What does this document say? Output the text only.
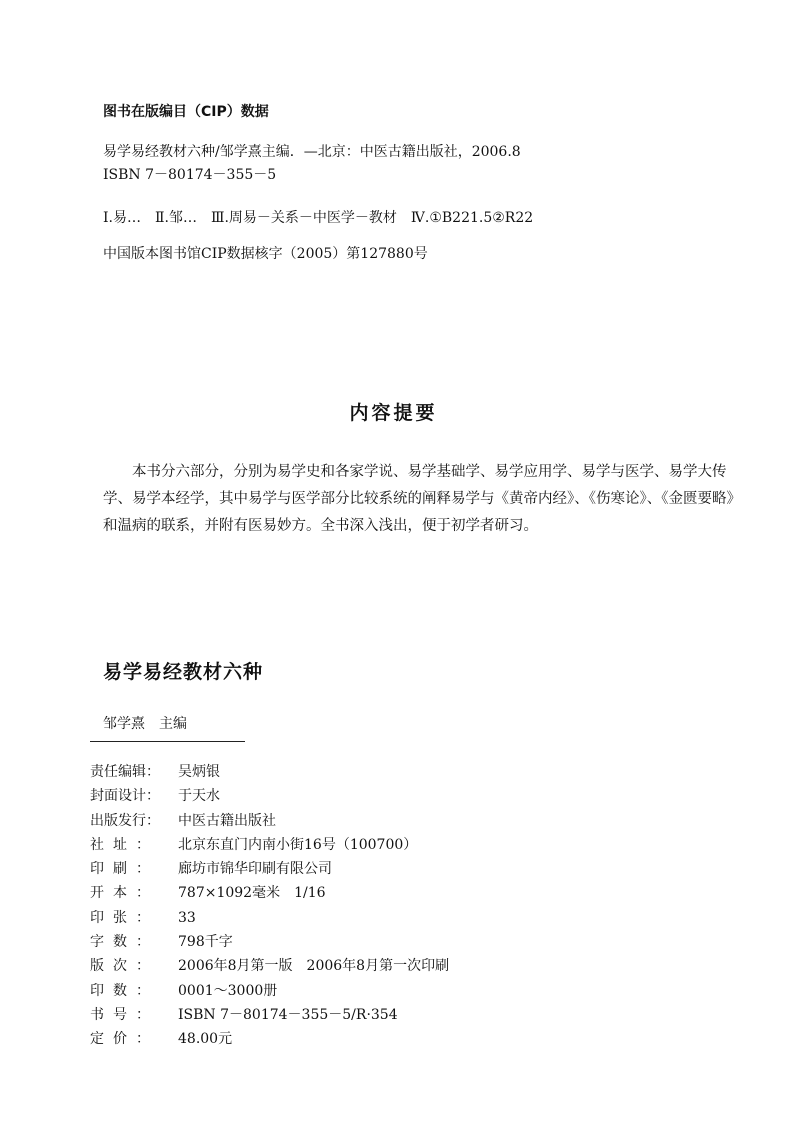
图书在版编目（CIP）数据
易学易经教材六种/邹学熹主编．—北京：中医古籍出版社，2006.8
ISBN 7－80174－355－5
Ⅰ.易…　Ⅱ.邹…　Ⅲ.周易－关系－中医学－教材　Ⅳ.①B221.5②R22
中国版本图书馆CIP数据核字（2005）第127880号
内容提要
本书分六部分，分别为易学史和各家学说、易学基础学、易学应用学、易学与医学、易学大传学、易学本经学，其中易学与医学部分比较系统的阐释易学与《黄帝内经》、《伤寒论》、《金匮要略》和温病的联系，并附有医易妙方。全书深入浅出，便于初学者研习。
易学易经教材六种
邹学熹　主编
责任编辑：	吴炳银
封面设计：	于天水
出版发行：	中医古籍出版社
社 址 ： 北京东直门内南小街16号（100700）
印 刷 ： 廊坊市锦华印刷有限公司
开 本 ： 787×1092毫米　1/16
印 张 ： 33
字 数 ： 798千字
版 次 ： 2006年8月第一版　2006年8月第一次印刷
印 数 ： 0001～3000册
书 号 ： ISBN 7－80174－355－5/R·354
定 价 ： 48.00元
